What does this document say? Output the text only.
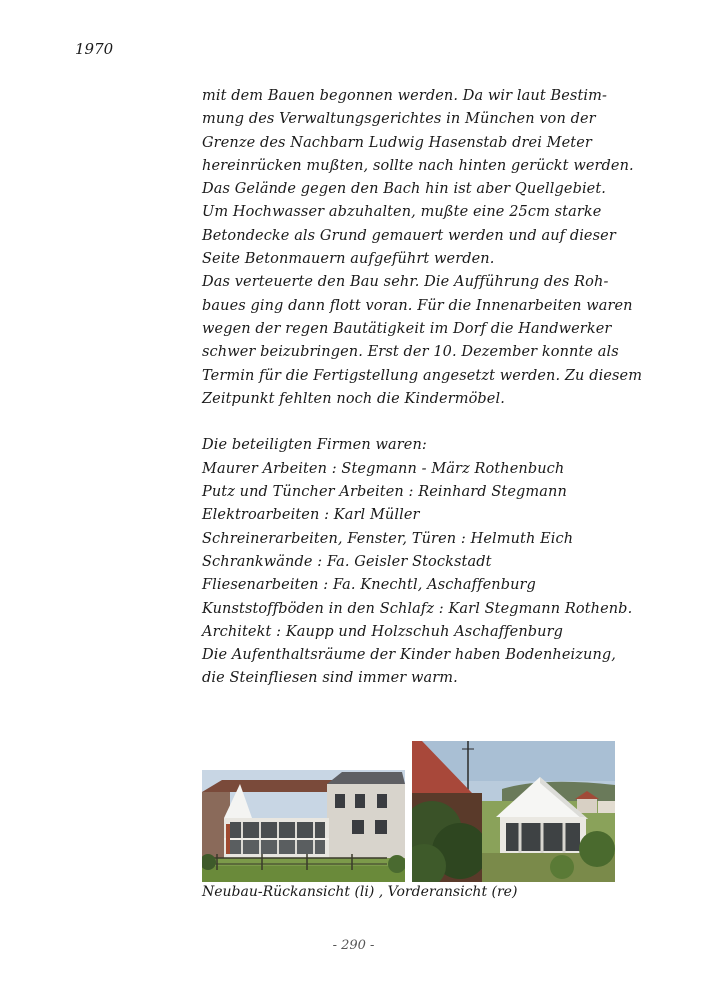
1970
mit dem Bauen begonnen werden. Da wir laut Bestim-
mung des Verwaltungsgerichtes in München von der
Grenze des Nachbarn Ludwig Hasenstab drei Meter
hereinrücken mußten, sollte nach hinten gerückt werden.
Das Gelände gegen den Bach hin ist aber Quellgebiet.
Um Hochwasser abzuhalten, mußte eine 25cm starke
Betondecke als Grund gemauert werden und auf dieser
Seite Betonmauern aufgeführt werden.
Das verteuerte den Bau sehr. Die Aufführung des Roh-
baues ging dann flott voran. Für die Innenarbeiten waren
wegen der regen Bautätigkeit im Dorf die Handwerker
schwer beizubringen. Erst der 10. Dezember konnte als
Termin für die Fertigstellung angesetzt werden. Zu diesem
Zeitpunkt fehlten noch die Kindermöbel.
Die beteiligten Firmen waren:
Maurer Arbeiten : Stegmann - März Rothenbuch
Putz und Tüncher Arbeiten : Reinhard Stegmann
Elektroarbeiten : Karl Müller
Schreinerarbeiten, Fenster, Türen : Helmuth Eich
Schrankwände : Fa. Geisler Stockstadt
Fliesenarbeiten : Fa. Knechtl, Aschaffenburg
Kunststoffböden in den Schlafz : Karl Stegmann Rothenb.
Architekt : Kaupp und Holzschuh Aschaffenburg
Die Aufenthaltsräume der Kinder haben Bodenheizung,
die Steinfliesen sind immer warm.
Neubau-Rückansicht (li) , Vorderansicht (re)
- 290 -
